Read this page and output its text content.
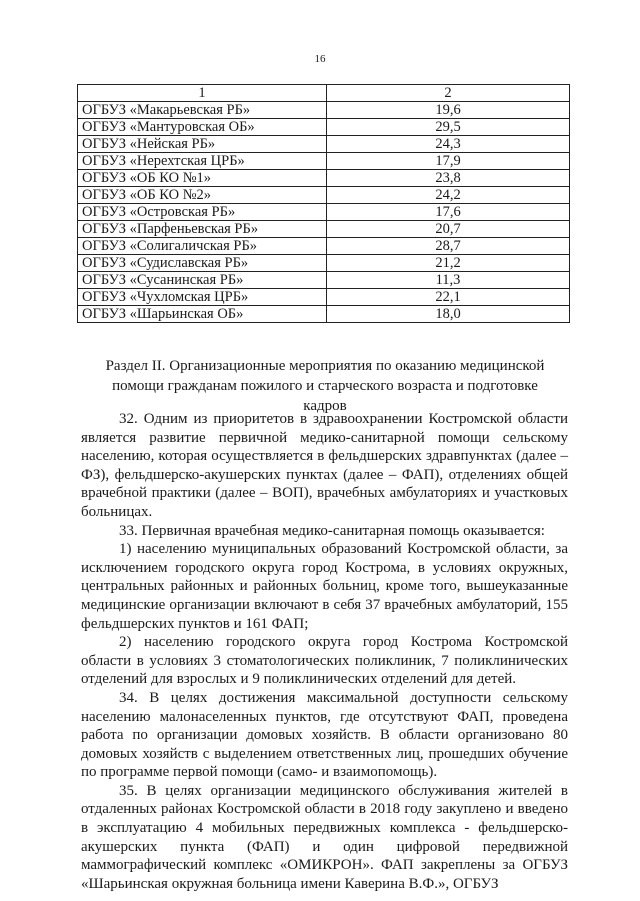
16
1	2
ОГБУЗ «Макарьевская РБ»	19,6
ОГБУЗ «Мантуровская ОБ»	29,5
ОГБУЗ «Нейская РБ»	24,3
ОГБУЗ «Нерехтская ЦРБ»	17,9
ОГБУЗ «ОБ КО №1»	23,8
ОГБУЗ «ОБ КО №2»	24,2
ОГБУЗ «Островская РБ»	17,6
ОГБУЗ «Парфеньевская РБ»	20,7
ОГБУЗ «Солигаличская РБ»	28,7
ОГБУЗ «Судиславская РБ»	21,2
ОГБУЗ «Сусанинская РБ»	11,3
ОГБУЗ «Чухломская ЦРБ»	22,1
ОГБУЗ «Шарьинская ОБ»	18,0
Раздел II. Организационные мероприятия по оказанию медицинской
помощи гражданам пожилого и старческого возраста и подготовке кадров

32. Одним из приоритетов в здравоохранении Костромской области является развитие первичной медико-санитарной помощи сельскому населению, которая осуществляется в фельдшерских здравпунктах (далее – ФЗ), фельдшерско-акушерских пунктах (далее – ФАП), отделениях общей врачебной практики (далее – ВОП), врачебных амбулаториях и участковых больницах.

33. Первичная врачебная медико-санитарная помощь оказывается:

1) населению муниципальных образований Костромской области, за исключением городского округа город Кострома, в условиях окружных, центральных районных и районных больниц, кроме того, вышеуказанные медицинские организации включают в себя 37 врачебных амбулаторий, 155 фельдшерских пунктов и 161 ФАП;

2) населению городского округа город Кострома Костромской области в условиях 3 стоматологических поликлиник, 7 поликлинических отделений для взрослых и 9 поликлинических отделений для детей.

34. В целях достижения максимальной доступности сельскому населению малонаселенных пунктов, где отсутствуют ФАП, проведена работа по организации домовых хозяйств. В области организовано 80 домовых хозяйств с выделением ответственных лиц, прошедших обучение по программе первой помощи (само- и взаимопомощь).

35. В целях организации медицинского обслуживания жителей в отдаленных районах Костромской области в 2018 году закуплено и введено в эксплуатацию 4 мобильных передвижных комплекса - фельдшерско-акушерских пункта (ФАП) и один цифровой передвижной маммографический комплекс «ОМИКРОН». ФАП закреплены за ОГБУЗ «Шарьинская окружная больница имени Каверина В.Ф.», ОГБУЗ
